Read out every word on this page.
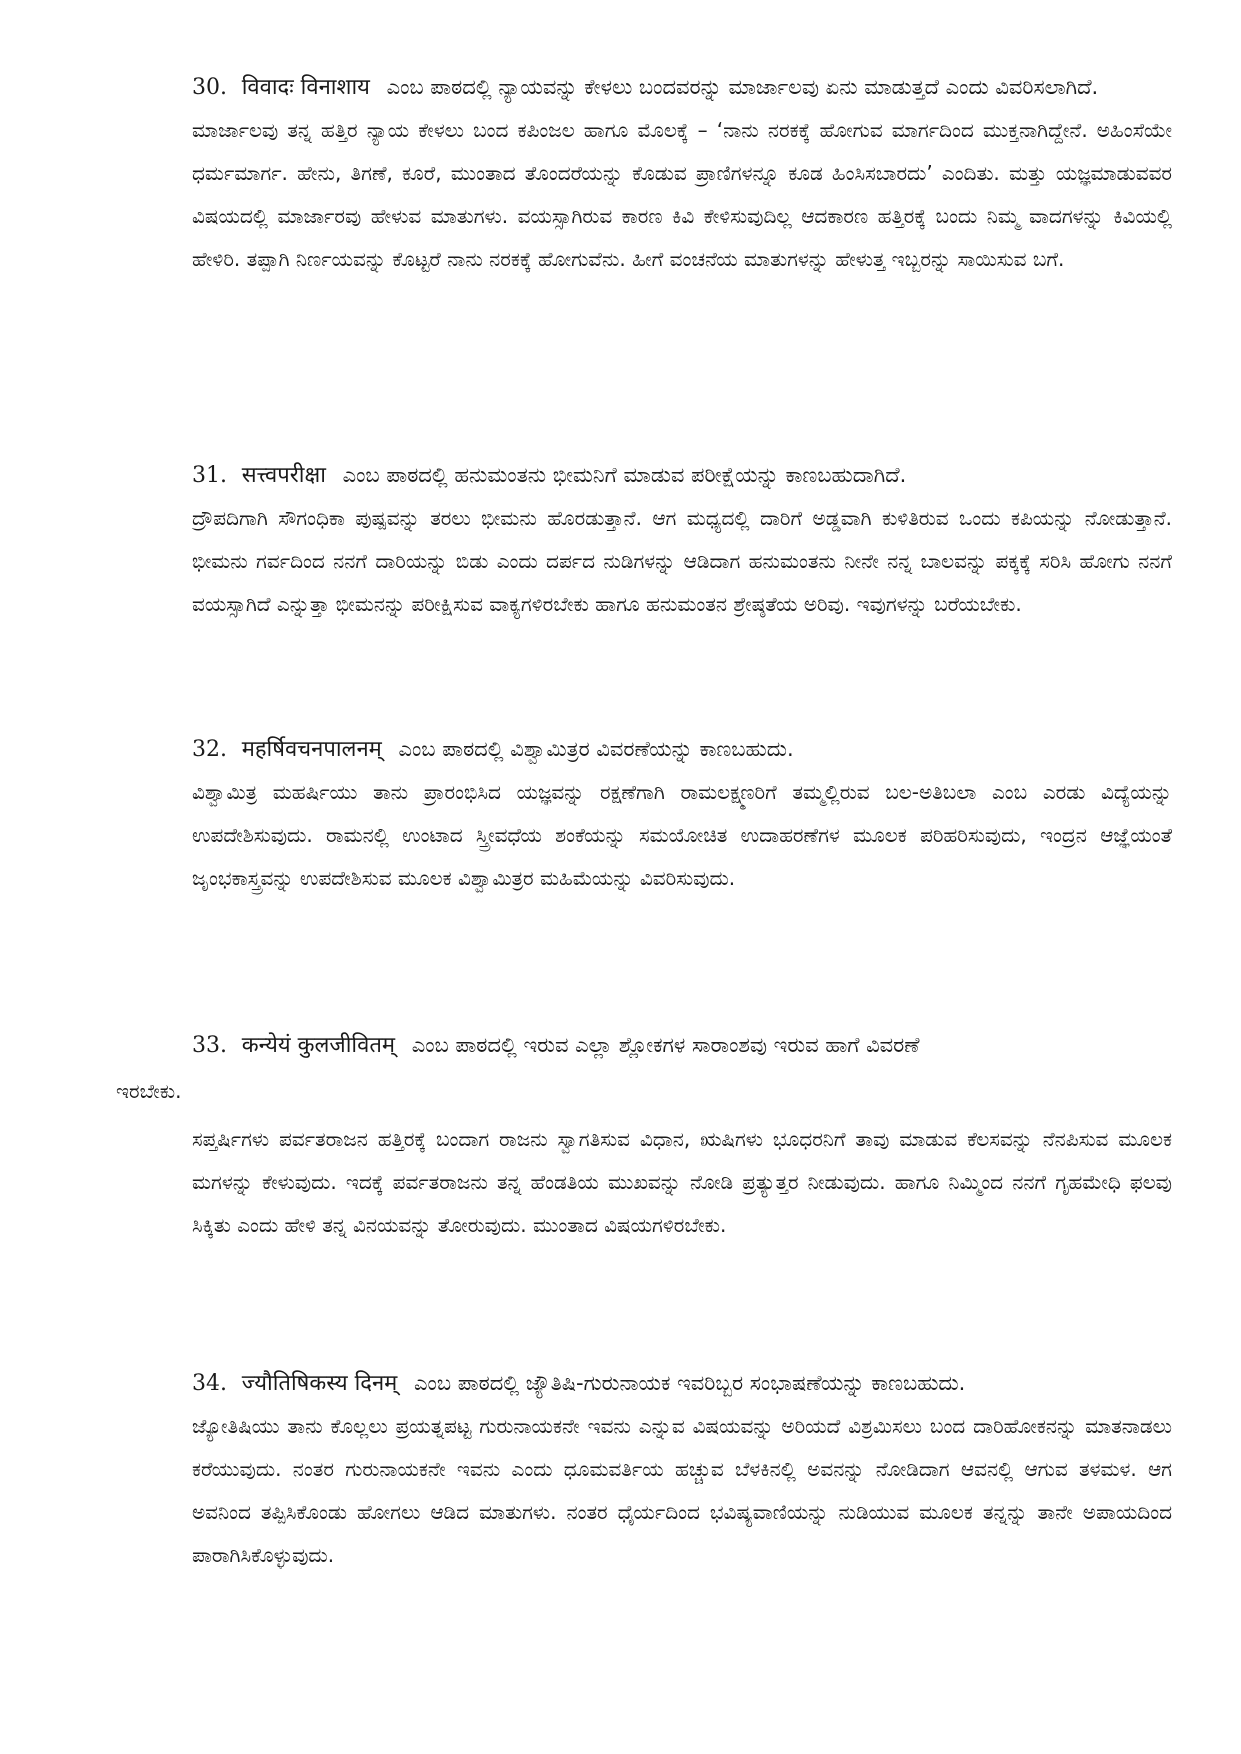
30. विवादः विनाशाय ಎಂಬ ಪಾಠದಲ್ಲಿ ನ್ಯಾಯವನ್ನು ಕೇಳಲು ಬಂದವರನ್ನು ಮಾರ್ಜಾಲವು ಏನು ಮಾಡುತ್ತದೆ ಎಂದು ವಿವರಿಸಲಾಗಿದೆ.

ಮಾರ್ಜಾಲವು ತನ್ನ ಹತ್ತಿರ ನ್ಯಾಯ ಕೇಳಲು ಬಂದ ಕಪಿಂಜಲ ಹಾಗೂ ಮೊಲಕ್ಕೆ – ‘ನಾನು ನರಕಕ್ಕೆ ಹೋಗುವ ಮಾರ್ಗದಿಂದ ಮುಕ್ತನಾಗಿದ್ದೇನೆ. ಅಹಿಂಸೆಯೇ ಧರ್ಮಮಾರ್ಗ. ಹೇನು, ತಿಗಣೆ, ಕೂರೆ, ಮುಂತಾದ ತೊಂದರೆಯನ್ನು ಕೊಡುವ ಪ್ರಾಣಿಗಳನ್ನೂ ಕೂಡ ಹಿಂಸಿಸಬಾರದು’ ಎಂದಿತು. ಮತ್ತು ಯಜ್ಞಮಾಡುವವರ ವಿಷಯದಲ್ಲಿ ಮಾರ್ಜಾರವು ಹೇಳುವ ಮಾತುಗಳು. ವಯಸ್ಸಾಗಿರುವ ಕಾರಣ ಕಿವಿ ಕೇಳಿಸುವುದಿಲ್ಲ ಆದಕಾರಣ ಹತ್ತಿರಕ್ಕೆ ಬಂದು ನಿಮ್ಮ ವಾದಗಳನ್ನು ಕಿವಿಯಲ್ಲಿ ಹೇಳಿರಿ. ತಪ್ಪಾಗಿ ನಿರ್ಣಯವನ್ನು ಕೊಟ್ಟರೆ ನಾನು ನರಕಕ್ಕೆ ಹೋಗುವೆನು. ಹೀಗೆ ವಂಚನೆಯ ಮಾತುಗಳನ್ನು ಹೇಳುತ್ತ ಇಬ್ಬರನ್ನು ಸಾಯಿಸುವ ಬಗೆ.

31. सत्त्वपरीक्षा ಎಂಬ ಪಾಠದಲ್ಲಿ ಹನುಮಂತನು ಭೀಮನಿಗೆ ಮಾಡುವ ಪರೀಕ್ಷೆಯನ್ನು ಕಾಣಬಹುದಾಗಿದೆ.

ದ್ರೌಪದಿಗಾಗಿ ಸೌಗಂಧಿಕಾ ಪುಷ್ಪವನ್ನು ತರಲು ಭೀಮನು ಹೊರಡುತ್ತಾನೆ. ಆಗ ಮಧ್ಯದಲ್ಲಿ ದಾರಿಗೆ ಅಡ್ಡವಾಗಿ ಕುಳಿತಿರುವ ಒಂದು ಕಪಿಯನ್ನು ನೋಡುತ್ತಾನೆ. ಭೀಮನು ಗರ್ವದಿಂದ ನನಗೆ ದಾರಿಯನ್ನು ಬಿಡು ಎಂದು ದರ್ಪದ ನುಡಿಗಳನ್ನು ಆಡಿದಾಗ ಹನುಮಂತನು ನೀನೇ ನನ್ನ ಬಾಲವನ್ನು ಪಕ್ಕಕ್ಕೆ ಸರಿಸಿ ಹೋಗು ನನಗೆ ವಯಸ್ಸಾಗಿದೆ ಎನ್ನುತ್ತಾ ಭೀಮನನ್ನು ಪರೀಕ್ಷಿಸುವ ವಾಕ್ಯಗಳಿರಬೇಕು ಹಾಗೂ ಹನುಮಂತನ ಶ್ರೇಷ್ಠತೆಯ ಅರಿವು. ಇವುಗಳನ್ನು ಬರೆಯಬೇಕು.

32. महर्षिवचनपालनम् ಎಂಬ ಪಾಠದಲ್ಲಿ ವಿಶ್ವಾಮಿತ್ರರ ವಿವರಣೆಯನ್ನು ಕಾಣಬಹುದು.

ವಿಶ್ವಾಮಿತ್ರ ಮಹರ್ಷಿಯು ತಾನು ಪ್ರಾರಂಭಿಸಿದ ಯಜ್ಞವನ್ನು ರಕ್ಷಣೆಗಾಗಿ ರಾಮಲಕ್ಷ್ಮಣರಿಗೆ ತಮ್ಮಲ್ಲಿರುವ ಬಲ-ಅತಿಬಲಾ ಎಂಬ ಎರಡು ವಿದ್ಯೆಯನ್ನು ಉಪದೇಶಿಸುವುದು. ರಾಮನಲ್ಲಿ ಉಂಟಾದ ಸ್ತ್ರೀವಧೆಯ ಶಂಕೆಯನ್ನು ಸಮಯೋಚಿತ ಉದಾಹರಣೆಗಳ ಮೂಲಕ ಪರಿಹರಿಸುವುದು, ಇಂದ್ರನ ಆಜ್ಞೆಯಂತೆ ಜೃಂಭಕಾಸ್ತ್ರವನ್ನು ಉಪದೇಶಿಸುವ ಮೂಲಕ ವಿಶ್ವಾಮಿತ್ರರ ಮಹಿಮೆಯನ್ನು ವಿವರಿಸುವುದು.

33. कन्येयं कुलजीवितम् ಎಂಬ ಪಾಠದಲ್ಲಿ ಇರುವ ಎಲ್ಲಾ ಶ್ಲೋಕಗಳ ಸಾರಾಂಶವು ಇರುವ ಹಾಗೆ ವಿವರಣೆ

ಇರಬೇಕು.

ಸಪ್ತರ್ಷಿಗಳು ಪರ್ವತರಾಜನ ಹತ್ತಿರಕ್ಕೆ ಬಂದಾಗ ರಾಜನು ಸ್ವಾಗತಿಸುವ ವಿಧಾನ, ಋಷಿಗಳು ಭೂಧರನಿಗೆ ತಾವು ಮಾಡುವ ಕೆಲಸವನ್ನು ನೆನಪಿಸುವ ಮೂಲಕ ಮಗಳನ್ನು ಕೇಳುವುದು. ಇದಕ್ಕೆ ಪರ್ವತರಾಜನು ತನ್ನ ಹೆಂಡತಿಯ ಮುಖವನ್ನು ನೋಡಿ ಪ್ರತ್ಯುತ್ತರ ನೀಡುವುದು. ಹಾಗೂ ನಿಮ್ಮಿಂದ ನನಗೆ ಗೃಹಮೇಧಿ ಫಲವು ಸಿಕ್ಕಿತು ಎಂದು ಹೇಳಿ ತನ್ನ ವಿನಯವನ್ನು ತೋರುವುದು. ಮುಂತಾದ ವಿಷಯಗಳಿರಬೇಕು.

34. ज्यौतिषिकस्य दिनम् ಎಂಬ ಪಾಠದಲ್ಲಿ ಜ್ಯೌತಿಷಿ-ಗುರುನಾಯಕ ಇವರಿಬ್ಬರ ಸಂಭಾಷಣೆಯನ್ನು ಕಾಣಬಹುದು.

ಜ್ಯೋತಿಷಿಯು ತಾನು ಕೊಲ್ಲಲು ಪ್ರಯತ್ನಪಟ್ಟ ಗುರುನಾಯಕನೇ ಇವನು ಎನ್ನುವ ವಿಷಯವನ್ನು ಅರಿಯದೆ ವಿಶ್ರಮಿಸಲು ಬಂದ ದಾರಿಹೋಕನನ್ನು ಮಾತನಾಡಲು ಕರೆಯುವುದು. ನಂತರ ಗುರುನಾಯಕನೇ ಇವನು ಎಂದು ಧೂಮವರ್ತಿಯ ಹಚ್ಚುವ ಬೆಳಕಿನಲ್ಲಿ ಅವನನ್ನು ನೋಡಿದಾಗ ಆವನಲ್ಲಿ ಆಗುವ ತಳಮಳ. ಆಗ ಅವನಿಂದ ತಪ್ಪಿಸಿಕೊಂಡು ಹೋಗಲು ಆಡಿದ ಮಾತುಗಳು. ನಂತರ ಧೈರ್ಯದಿಂದ ಭವಿಷ್ಯವಾಣಿಯನ್ನು ನುಡಿಯುವ ಮೂಲಕ ತನ್ನನ್ನು ತಾನೇ ಅಪಾಯದಿಂದ ಪಾರಾಗಿಸಿಕೊಳ್ಳುವುದು.
